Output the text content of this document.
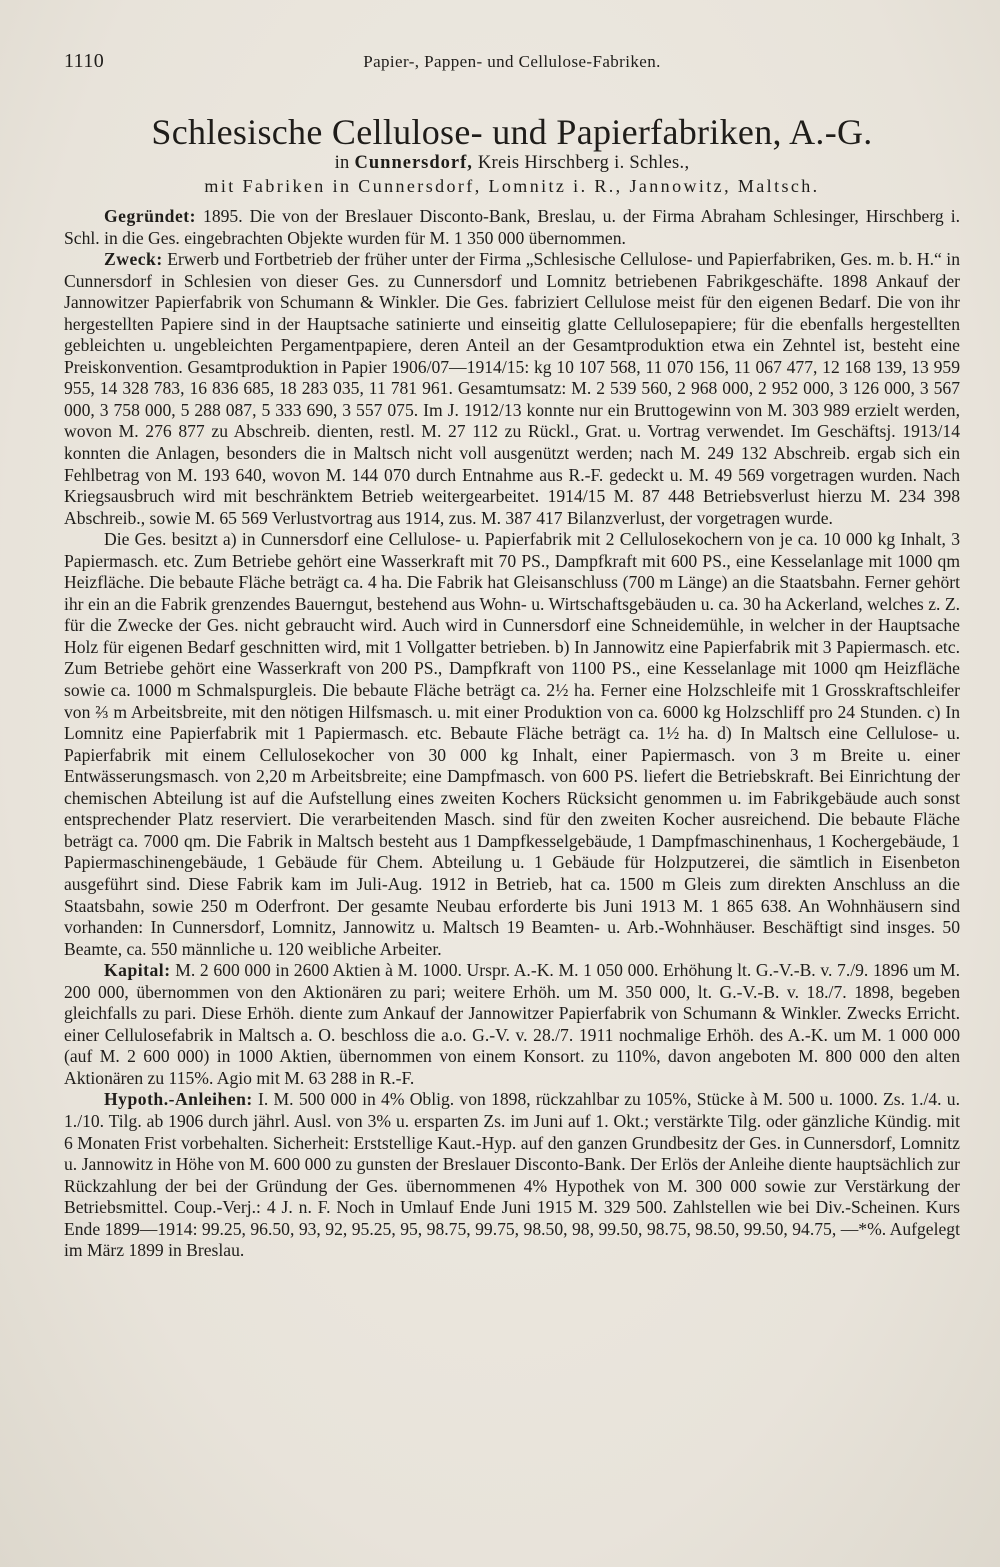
1110	Papier-, Pappen- und Cellulose-Fabriken.
Schlesische Cellulose- und Papierfabriken, A.-G.
in Cunnersdorf, Kreis Hirschberg i. Schles.,
mit Fabriken in Cunnersdorf, Lomnitz i. R., Jannowitz, Maltsch.

Gegründet: 1895. Die von der Breslauer Disconto-Bank, Breslau, u. der Firma Abraham Schlesinger, Hirschberg i. Schl. in die Ges. eingebrachten Objekte wurden für M. 1 350 000 übernommen.

Zweck: Erwerb und Fortbetrieb der früher unter der Firma „Schlesische Cellulose- und Papierfabriken, Ges. m. b. H.“ in Cunnersdorf in Schlesien von dieser Ges. zu Cunnersdorf und Lomnitz betriebenen Fabrikgeschäfte. 1898 Ankauf der Jannowitzer Papierfabrik von Schumann & Winkler. Die Ges. fabriziert Cellulose meist für den eigenen Bedarf. Die von ihr hergestellten Papiere sind in der Hauptsache satinierte und einseitig glatte Cellulosepapiere; für die ebenfalls hergestellten gebleichten u. ungebleichten Pergamentpapiere, deren Anteil an der Gesamtproduktion etwa ein Zehntel ist, besteht eine Preiskonvention. Gesamtproduktion in Papier 1906/07—1914/15: kg 10 107 568, 11 070 156, 11 067 477, 12 168 139, 13 959 955, 14 328 783, 16 836 685, 18 283 035, 11 781 961. Gesamtumsatz: M. 2 539 560, 2 968 000, 2 952 000, 3 126 000, 3 567 000, 3 758 000, 5 288 087, 5 333 690, 3 557 075. Im J. 1912/13 konnte nur ein Bruttogewinn von M. 303 989 erzielt werden, wovon M. 276 877 zu Abschreib. dienten, restl. M. 27 112 zu Rückl., Grat. u. Vortrag verwendet. Im Geschäftsj. 1913/14 konnten die Anlagen, besonders die in Maltsch nicht voll ausgenützt werden; nach M. 249 132 Abschreib. ergab sich ein Fehlbetrag von M. 193 640, wovon M. 144 070 durch Entnahme aus R.-F. gedeckt u. M. 49 569 vorgetragen wurden. Nach Kriegsausbruch wird mit beschränktem Betrieb weitergearbeitet. 1914/15 M. 87 448 Betriebsverlust hierzu M. 234 398 Abschreib., sowie M. 65 569 Verlustvortrag aus 1914, zus. M. 387 417 Bilanzverlust, der vorgetragen wurde.

Die Ges. besitzt a) in Cunnersdorf eine Cellulose- u. Papierfabrik mit 2 Cellulosekochern von je ca. 10 000 kg Inhalt, 3 Papiermasch. etc. Zum Betriebe gehört eine Wasserkraft mit 70 PS., Dampfkraft mit 600 PS., eine Kesselanlage mit 1000 qm Heizfläche. Die bebaute Fläche beträgt ca. 4 ha. Die Fabrik hat Gleisanschluss (700 m Länge) an die Staatsbahn. Ferner gehört ihr ein an die Fabrik grenzendes Bauerngut, bestehend aus Wohn- u. Wirtschaftsgebäuden u. ca. 30 ha Ackerland, welches z. Z. für die Zwecke der Ges. nicht gebraucht wird. Auch wird in Cunnersdorf eine Schneidemühle, in welcher in der Hauptsache Holz für eigenen Bedarf geschnitten wird, mit 1 Vollgatter betrieben. b) In Jannowitz eine Papierfabrik mit 3 Papiermasch. etc. Zum Betriebe gehört eine Wasserkraft von 200 PS., Dampfkraft von 1100 PS., eine Kesselanlage mit 1000 qm Heizfläche sowie ca. 1000 m Schmalspurgleis. Die bebaute Fläche beträgt ca. 2½ ha. Ferner eine Holzschleife mit 1 Grosskraftschleifer von ⅔ m Arbeitsbreite, mit den nötigen Hilfsmasch. u. mit einer Produktion von ca. 6000 kg Holzschliff pro 24 Stunden. c) In Lomnitz eine Papierfabrik mit 1 Papiermasch. etc. Bebaute Fläche beträgt ca. 1½ ha. d) In Maltsch eine Cellulose- u. Papierfabrik mit einem Cellulosekocher von 30 000 kg Inhalt, einer Papiermasch. von 3 m Breite u. einer Entwässerungsmasch. von 2,20 m Arbeitsbreite; eine Dampfmasch. von 600 PS. liefert die Betriebskraft. Bei Einrichtung der chemischen Abteilung ist auf die Aufstellung eines zweiten Kochers Rücksicht genommen u. im Fabrikgebäude auch sonst entsprechender Platz reserviert. Die verarbeitenden Masch. sind für den zweiten Kocher ausreichend. Die bebaute Fläche beträgt ca. 7000 qm. Die Fabrik in Maltsch besteht aus 1 Dampfkesselgebäude, 1 Dampfmaschinenhaus, 1 Kochergebäude, 1 Papiermaschinengebäude, 1 Gebäude für Chem. Abteilung u. 1 Gebäude für Holzputzerei, die sämtlich in Eisenbeton ausgeführt sind. Diese Fabrik kam im Juli-Aug. 1912 in Betrieb, hat ca. 1500 m Gleis zum direkten Anschluss an die Staatsbahn, sowie 250 m Oderfront. Der gesamte Neubau erforderte bis Juni 1913 M. 1 865 638. An Wohnhäusern sind vorhanden: In Cunnersdorf, Lomnitz, Jannowitz u. Maltsch 19 Beamten- u. Arb.-Wohnhäuser. Beschäftigt sind insges. 50 Beamte, ca. 550 männliche u. 120 weibliche Arbeiter.

Kapital: M. 2 600 000 in 2600 Aktien à M. 1000. Urspr. A.-K. M. 1 050 000. Erhöhung lt. G.-V.-B. v. 7./9. 1896 um M. 200 000, übernommen von den Aktionären zu pari; weitere Erhöh. um M. 350 000, lt. G.-V.-B. v. 18./7. 1898, begeben gleichfalls zu pari. Diese Erhöh. diente zum Ankauf der Jannowitzer Papierfabrik von Schumann & Winkler. Zwecks Erricht. einer Cellulosefabrik in Maltsch a. O. beschloss die a.o. G.-V. v. 28./7. 1911 nochmalige Erhöh. des A.-K. um M. 1 000 000 (auf M. 2 600 000) in 1000 Aktien, übernommen von einem Konsort. zu 110%, davon angeboten M. 800 000 den alten Aktionären zu 115%. Agio mit M. 63 288 in R.-F.

Hypoth.-Anleihen: I. M. 500 000 in 4% Oblig. von 1898, rückzahlbar zu 105%, Stücke à M. 500 u. 1000. Zs. 1./4. u. 1./10. Tilg. ab 1906 durch jährl. Ausl. von 3% u. ersparten Zs. im Juni auf 1. Okt.; verstärkte Tilg. oder gänzliche Kündig. mit 6 Monaten Frist vorbehalten. Sicherheit: Erststellige Kaut.-Hyp. auf den ganzen Grundbesitz der Ges. in Cunnersdorf, Lomnitz u. Jannowitz in Höhe von M. 600 000 zu gunsten der Breslauer Disconto-Bank. Der Erlös der Anleihe diente hauptsächlich zur Rückzahlung der bei der Gründung der Ges. übernommenen 4% Hypothek von M. 300 000 sowie zur Verstärkung der Betriebsmittel. Coup.-Verj.: 4 J. n. F. Noch in Umlauf Ende Juni 1915 M. 329 500. Zahlstellen wie bei Div.-Scheinen. Kurs Ende 1899—1914: 99.25, 96.50, 93, 92, 95.25, 95, 98.75, 99.75, 98.50, 98, 99.50, 98.75, 98.50, 99.50, 94.75, —*%. Aufgelegt im März 1899 in Breslau.
